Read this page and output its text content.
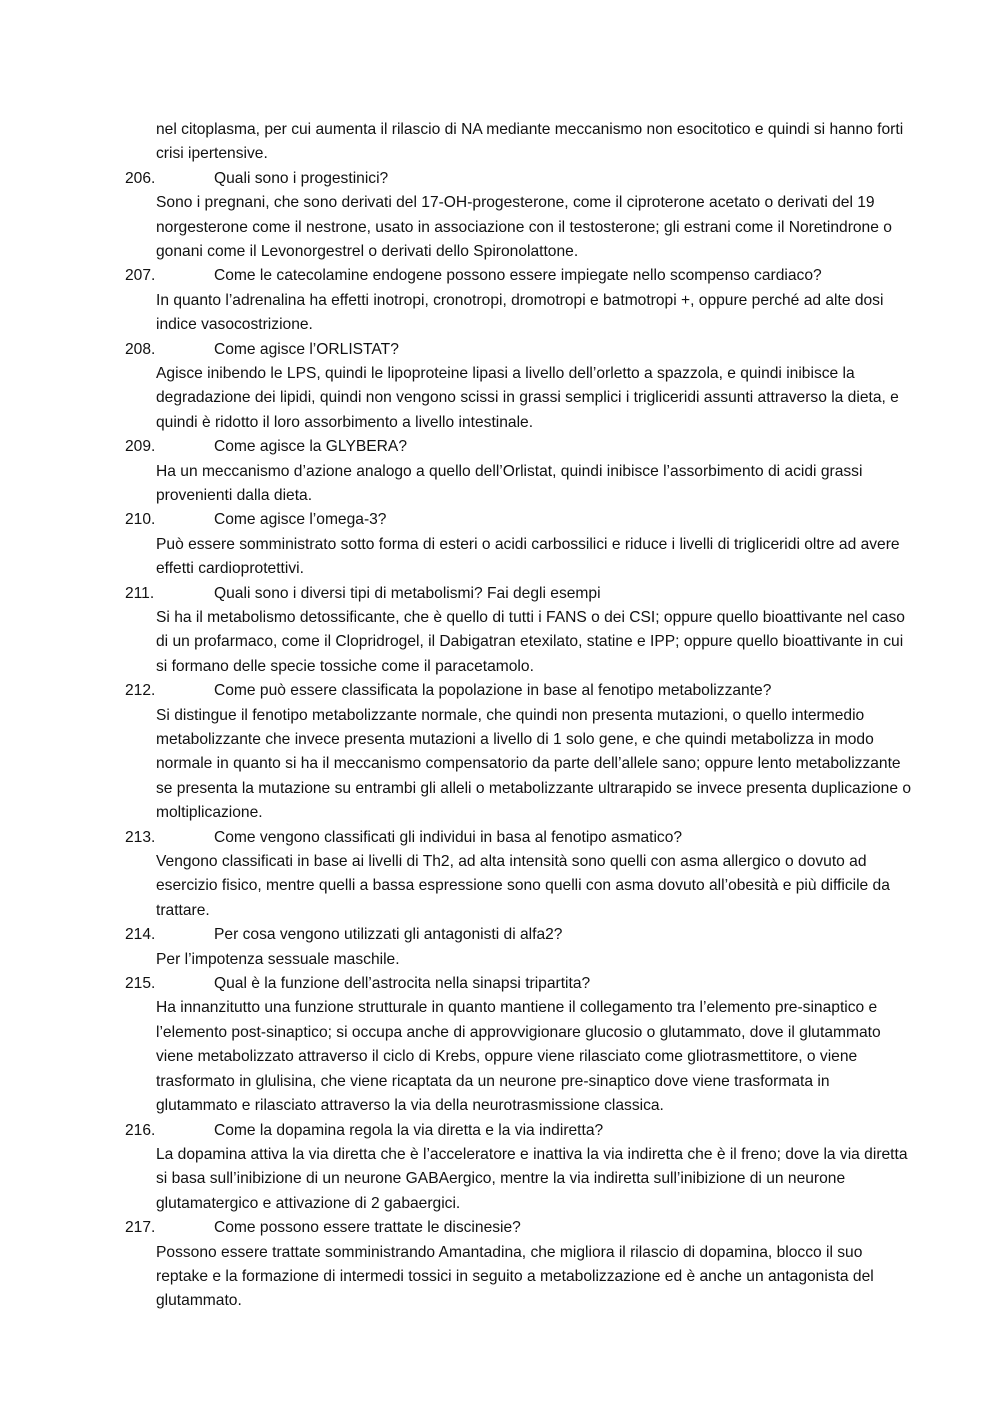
nel citoplasma, per cui aumenta il rilascio di NA mediante meccanismo non esocitotico e quindi si hanno forti crisi ipertensive.
206.	Quali sono i progestinici?
Sono i pregnani, che sono derivati del 17-OH-progesterone, come il ciproterone acetato o derivati del 19 norgesterone come il nestrone, usato in associazione con il testosterone; gli estrani come il Noretindrone o gonani come il Levonorgestrel o derivati dello Spironolattone.
207.	Come le catecolamine endogene possono essere impiegate nello scompenso cardiaco?
In quanto l’adrenalina ha effetti inotropi, cronotropi, dromotropi e batmotropi +, oppure perché ad alte dosi indice vasocostrizione.
208.	Come agisce l’ORLISTAT?
Agisce inibendo le LPS, quindi le lipoproteine lipasi a livello dell’orletto a spazzola, e quindi inibisce la degradazione dei lipidi, quindi non vengono scissi in grassi semplici i trigliceridi assunti attraverso la dieta, e quindi è ridotto il loro assorbimento a livello intestinale.
209.	Come agisce la GLYBERA?
Ha un meccanismo d’azione analogo a quello dell’Orlistat, quindi inibisce l’assorbimento di acidi grassi provenienti dalla dieta.
210.	Come agisce l’omega-3?
Può essere somministrato sotto forma di esteri o acidi carbossilici e riduce i livelli di trigliceridi oltre ad avere effetti cardioprotettivi.
211.	Quali sono i diversi tipi di metabolismi? Fai degli esempi
Si ha il metabolismo detossificante, che è quello di tutti i FANS o dei CSI; oppure quello bioattivante nel caso di un profarmaco, come il Clopridrogel, il Dabigatran etexilato, statine e IPP; oppure quello bioattivante in cui si formano delle specie tossiche come il paracetamolo.
212.	Come può essere classificata la popolazione in base al fenotipo metabolizzante?
Si distingue il fenotipo metabolizzante normale, che quindi non presenta mutazioni, o quello intermedio metabolizzante che invece presenta mutazioni a livello di 1 solo gene, e che quindi metabolizza in modo normale in quanto si ha il meccanismo compensatorio da parte dell’allele sano; oppure lento metabolizzante se presenta la mutazione su entrambi gli alleli o metabolizzante ultrarapido se invece presenta duplicazione o moltiplicazione.
213.	Come vengono classificati gli individui in basa al fenotipo asmatico?
Vengono classificati in base ai livelli di Th2, ad alta intensità sono quelli con asma allergico o dovuto ad esercizio fisico, mentre quelli a bassa espressione sono quelli con asma dovuto all’obesità e più difficile da trattare.
214.	Per cosa vengono utilizzati gli antagonisti di alfa2?
Per l’impotenza sessuale maschile.
215.	Qual è la funzione dell’astrocita nella sinapsi tripartita?
Ha innanzitutto una funzione strutturale in quanto mantiene il collegamento tra l’elemento pre-sinaptico e l’elemento post-sinaptico; si occupa anche di approvvigionare glucosio o glutammato, dove il glutammato viene metabolizzato attraverso il ciclo di Krebs, oppure viene rilasciato come gliotrasmettitore, o viene trasformato in glulisina, che viene ricaptata da un neurone pre-sinaptico dove viene trasformata in glutammato e rilasciato attraverso la via della neurotrasmissione classica.
216.	Come la dopamina regola la via diretta e la via indiretta?
La dopamina attiva la via diretta che è l’acceleratore e inattiva la via indiretta che è il freno; dove la via diretta si basa sull’inibizione di un neurone GABAergico, mentre la via indiretta sull’inibizione di un neurone glutamatergico e attivazione di 2 gabaergici.
217.	Come possono essere trattate le discinesie?
Possono essere trattate somministrando Amantadina, che migliora il rilascio di dopamina, blocco il suo reptake e la formazione di intermedi tossici in seguito a metabolizzazione ed è anche un antagonista del glutammato.
